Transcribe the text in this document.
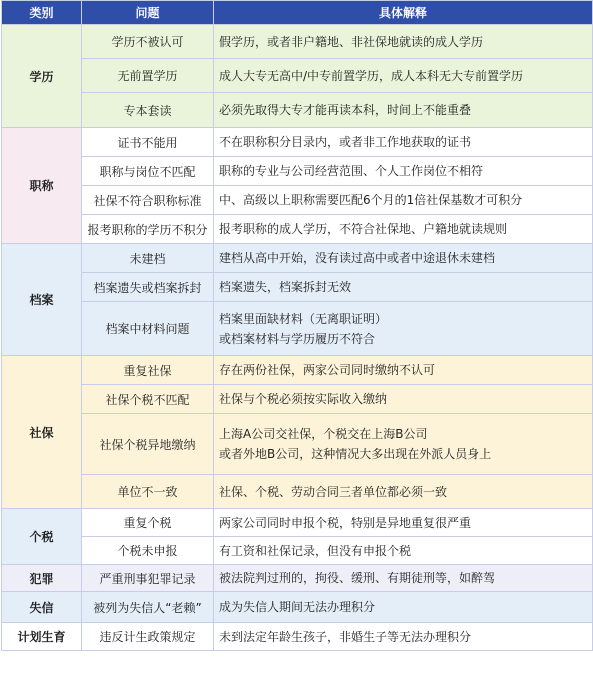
类别	问题	具体解释
学历	学历不被认可	假学历，或者非户籍地、非社保地就读的成人学历
	无前置学历	成人大专无高中/中专前置学历，成人本科无大专前置学历
	专本套读	必须先取得大专才能再读本科，时间上不能重叠
职称	证书不能用	不在职称积分目录内，或者非工作地获取的证书
	职称与岗位不匹配	职称的专业与公司经营范围、个人工作岗位不相符
	社保不符合职称标准	中、高级以上职称需要匹配6个月的1倍社保基数才可积分
	报考职称的学历不积分	报考职称的成人学历，不符合社保地、户籍地就读规则
档案	未建档	建档从高中开始，没有读过高中或者中途退休未建档
	档案遗失或档案拆封	档案遗失，档案拆封无效
	档案中材料问题	档案里面缺材料（无离职证明）
或档案材料与学历履历不符合

社保	重复社保	存在两份社保，两家公司同时缴纳不认可
	社保个税不匹配	社保与个税必须按实际收入缴纳
	社保个税异地缴纳	上海A公司交社保，个税交在上海B公司
或者外地B公司，这种情况大多出现在外派人员身上

	单位不一致	社保、个税、劳动合同三者单位都必须一致
个税	重复个税	两家公司同时申报个税，特别是异地重复很严重
	个税未申报	有工资和社保记录，但没有申报个税
犯罪	严重刑事犯罪记录	被法院判过刑的，拘役、缓刑、有期徒刑等，如醉驾
失信	被列为失信人“老赖”	成为失信人期间无法办理积分
计划生育	违反计生政策规定	未到法定年龄生孩子，非婚生子等无法办理积分
